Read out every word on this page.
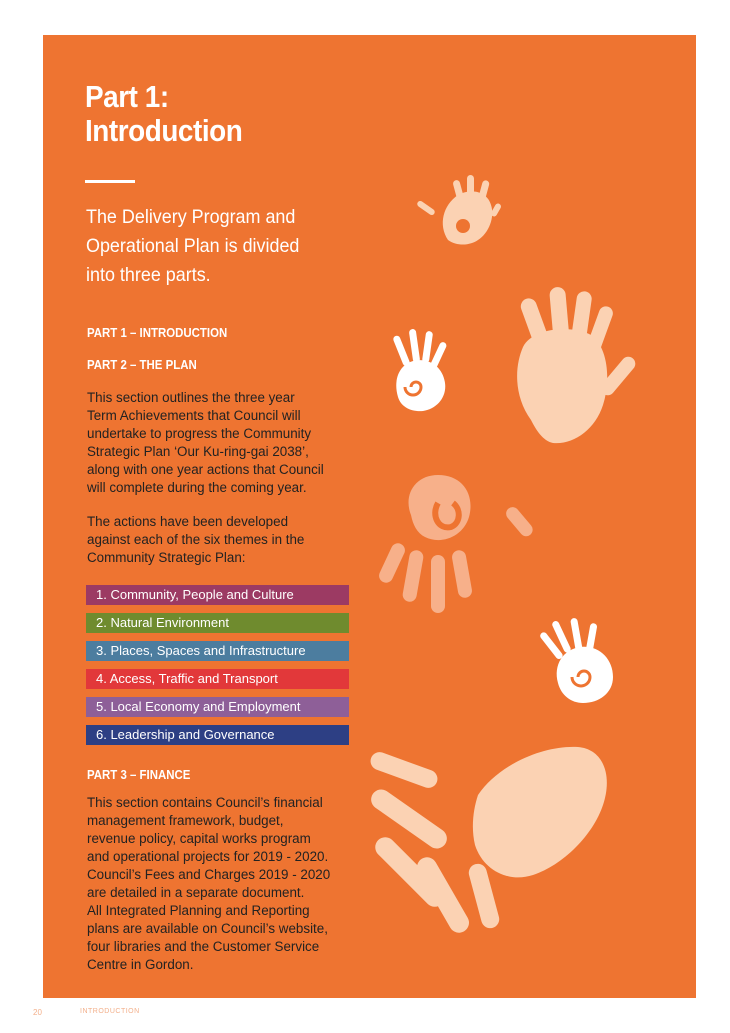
Part 1:
Introduction

The Delivery Program and
Operational Plan is divided
into three parts.

PART 1 – INTRODUCTION
PART 2 – THE PLAN

This section outlines the three year
Term Achievements that Council will
undertake to progress the Community
Strategic Plan ‘Our Ku-ring-gai 2038’,
along with one year actions that Council
will complete during the coming year.

The actions have been developed
against each of the six themes in the
Community Strategic Plan:

1. Community, People and Culture
2. Natural Environment
3. Places, Spaces and Infrastructure
4. Access, Traffic and Transport
5. Local Economy and Employment
6. Leadership and Governance
PART 3 – FINANCE

This section contains Council’s financial
management framework, budget,
revenue policy, capital works program
and operational projects for 2019 - 2020.
Council’s Fees and Charges 2019 - 2020
are detailed in a separate document.
All Integrated Planning and Reporting
plans are available on Council’s website,
four libraries and the Customer Service
Centre in Gordon.

20	INTRODUCTION
